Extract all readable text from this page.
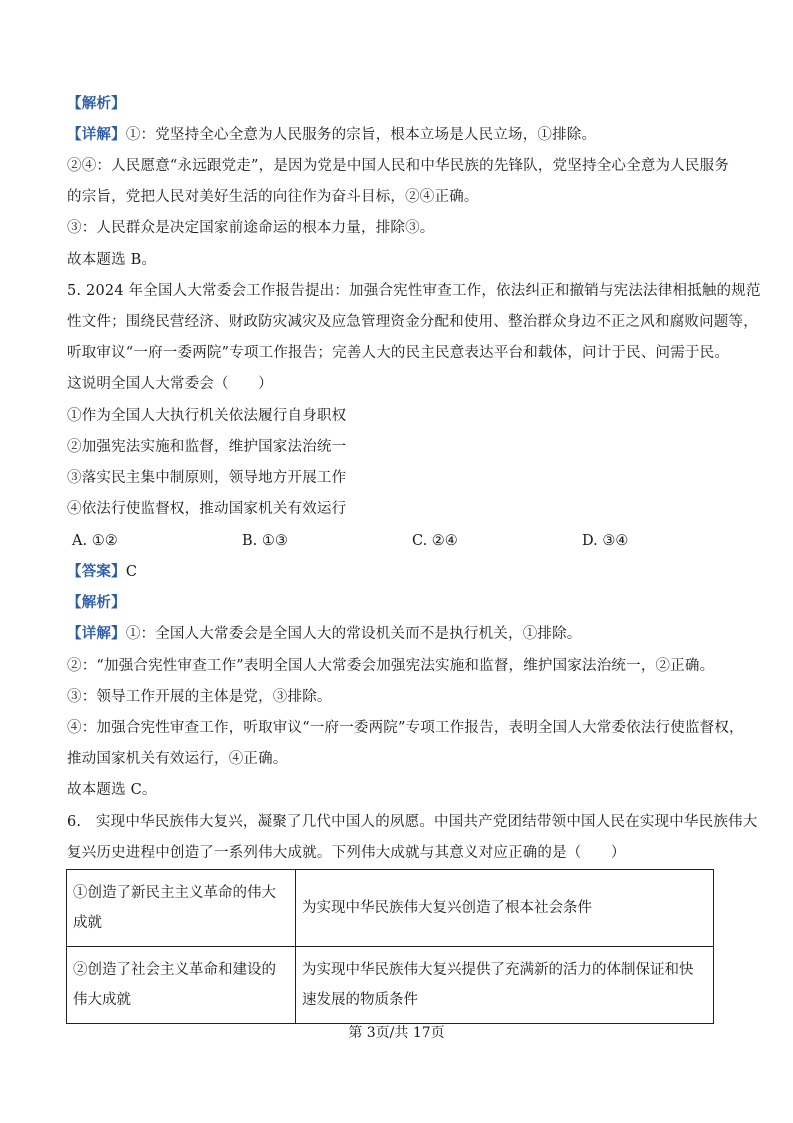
【解析】
【详解】①：党坚持全心全意为人民服务的宗旨，根本立场是人民立场，①排除。
②④：人民愿意“永远跟党走”，是因为党是中国人民和中华民族的先锋队，党坚持全心全意为人民服务
的宗旨，党把人民对美好生活的向往作为奋斗目标，②④正确。
③：人民群众是决定国家前途命运的根本力量，排除③。
故本题选 B。
5. 2024 年全国人大常委会工作报告提出：加强合宪性审查工作，依法纠正和撤销与宪法法律相抵触的规范
性文件；围绕民营经济、财政防灾减灾及应急管理资金分配和使用、整治群众身边不正之风和腐败问题等，
听取审议“一府一委两院”专项工作报告；完善人大的民主民意表达平台和载体，问计于民、问需于民。
这说明全国人大常委会（　　）
①作为全国人大执行机关依法履行自身职权
②加强宪法实施和监督，维护国家法治统一
③落实民主集中制原则，领导地方开展工作
④依法行使监督权，推动国家机关有效运行
A. ①②	B. ①③	C. ②④	D. ③④
【答案】C
【解析】
【详解】①：全国人大常委会是全国人大的常设机关而不是执行机关，①排除。
②：“加强合宪性审查工作”表明全国人大常委会加强宪法实施和监督，维护国家法治统一，②正确。
③：领导工作开展的主体是党，③排除。
④：加强合宪性审查工作，听取审议“一府一委两院”专项工作报告，表明全国人大常委依法行使监督权，
推动国家机关有效运行，④正确。
故本题选 C。
6.　实现中华民族伟大复兴，凝聚了几代中国人的夙愿。中国共产党团结带领中国人民在实现中华民族伟大
复兴历史进程中创造了一系列伟大成就。下列伟大成就与其意义对应正确的是（　　）
①创造了新民主主义革命的伟大成就	为实现中华民族伟大复兴创造了根本社会条件
②创造了社会主义革命和建设的伟大成就	为实现中华民族伟大复兴提供了充满新的活力的体制保证和快速发展的物质条件
第 3页/共 17页
